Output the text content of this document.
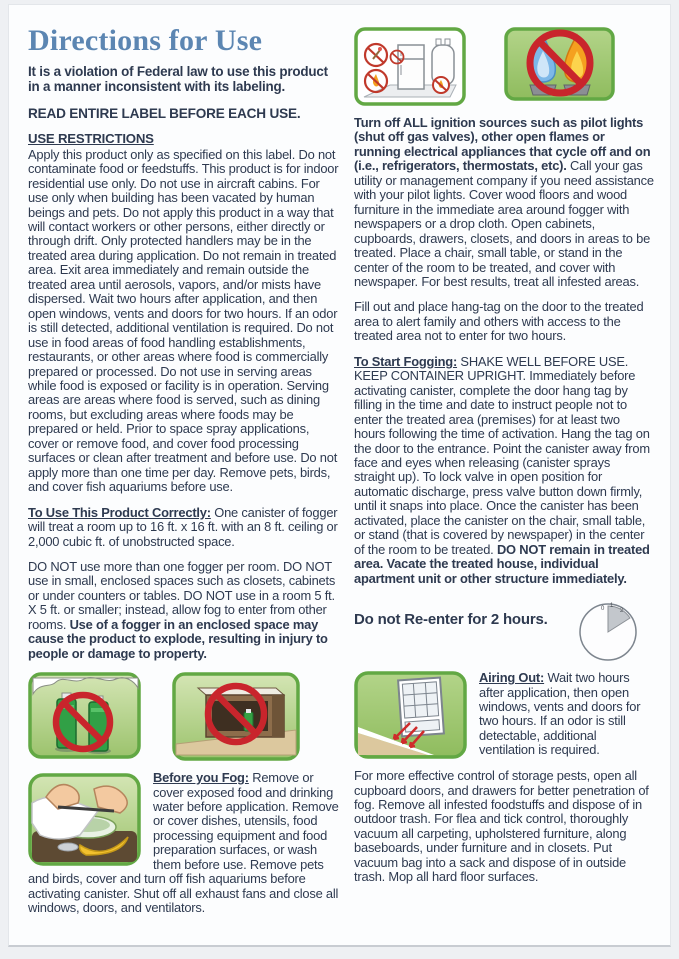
Directions for Use

It is a violation of Federal law to use this product in a manner inconsistent with its labeling.

READ ENTIRE LABEL BEFORE EACH USE.

USE RESTRICTIONS

Apply this product only as specified on this label. Do not contaminate food or feedstuffs. This product is for indoor residential use only. Do not use in aircraft cabins. For use only when building has been vacated by human beings and pets. Do not apply this product in a way that will contact workers or other persons, either directly or through drift. Only protected handlers may be in the treated area during application. Do not remain in treated area. Exit area immediately and remain outside the treated area until aerosols, vapors, and/or mists have dispersed. Wait two hours after application, and then open windows, vents and doors for two hours. If an odor is still detected, additional ventilation is required. Do not use in food areas of food handling establishments, restaurants, or other areas where food is commercially prepared or processed. Do not use in serving areas while food is exposed or facility is in operation. Serving areas are areas where food is served, such as dining rooms, but excluding areas where foods may be prepared or held. Prior to space spray applications, cover or remove food, and cover food processing surfaces or clean after treatment and before use. Do not apply more than one time per day. Remove pets, birds, and cover fish aquariums before use.

To Use This Product Correctly: One canister of fogger will treat a room up to 16 ft. x 16 ft. with an 8 ft. ceiling or 2,000 cubic ft. of unobstructed space.

DO NOT use more than one fogger per room. DO NOT use in small, enclosed spaces such as closets, cabinets or under counters or tables. DO NOT use in a room 5 ft. X 5 ft. or smaller; instead, allow fog to enter from other rooms. Use of a fogger in an enclosed space may cause the product to explode, resulting in injury to people or damage to property.

Before you Fog: Remove or cover exposed food and drinking water before application. Remove or cover dishes, utensils, food processing equipment and food preparation surfaces, or wash them before use. Remove pets and birds, cover and turn off fish aquariums before activating canister. Shut off all exhaust fans and close all windows, doors, and ventilators.

Turn off ALL ignition sources such as pilot lights (shut off gas valves), other open flames or running electrical appliances that cycle off and on (i.e., refrigerators, thermostats, etc). Call your gas utility or management company if you need assistance with your pilot lights. Cover wood floors and wood furniture in the immediate area around fogger with newspapers or a drop cloth. Open cabinets, cupboards, drawers, closets, and doors in areas to be treated. Place a chair, small table, or stand in the center of the room to be treated, and cover with newspaper. For best results, treat all infested areas.

Fill out and place hang-tag on the door to the treated area to alert family and others with access to the treated area not to enter for two hours.

To Start Fogging: SHAKE WELL BEFORE USE. KEEP CONTAINER UPRIGHT. Immediately before activating canister, complete the door hang tag by filling in the time and date to instruct people not to enter the treated area (premises) for at least two hours following the time of activation. Hang the tag on the door to the entrance. Point the canister away from face and eyes when releasing (canister sprays straight up). To lock valve in open position for automatic discharge, press valve button down firmly, until it snaps into place. Once the canister has been activated, place the canister on the chair, small table, or stand (that is covered by newspaper) in the center of the room to be treated. DO NOT remain in treated area. Vacate the treated house, individual apartment unit or other structure immediately.

Do not Re-enter for 2 hours.
0 1
2

Airing Out: Wait two hours after application, then open windows, vents and doors for two hours. If an odor is still detectable, additional ventilation is required.

For more effective control of storage pests, open all cupboard doors, and drawers for better penetration of fog. Remove all infested foodstuffs and dispose of in outdoor trash. For flea and tick control, thoroughly vacuum all carpeting, upholstered furniture, along baseboards, under furniture and in closets. Put vacuum bag into a sack and dispose of in outside trash. Mop all hard floor surfaces.
